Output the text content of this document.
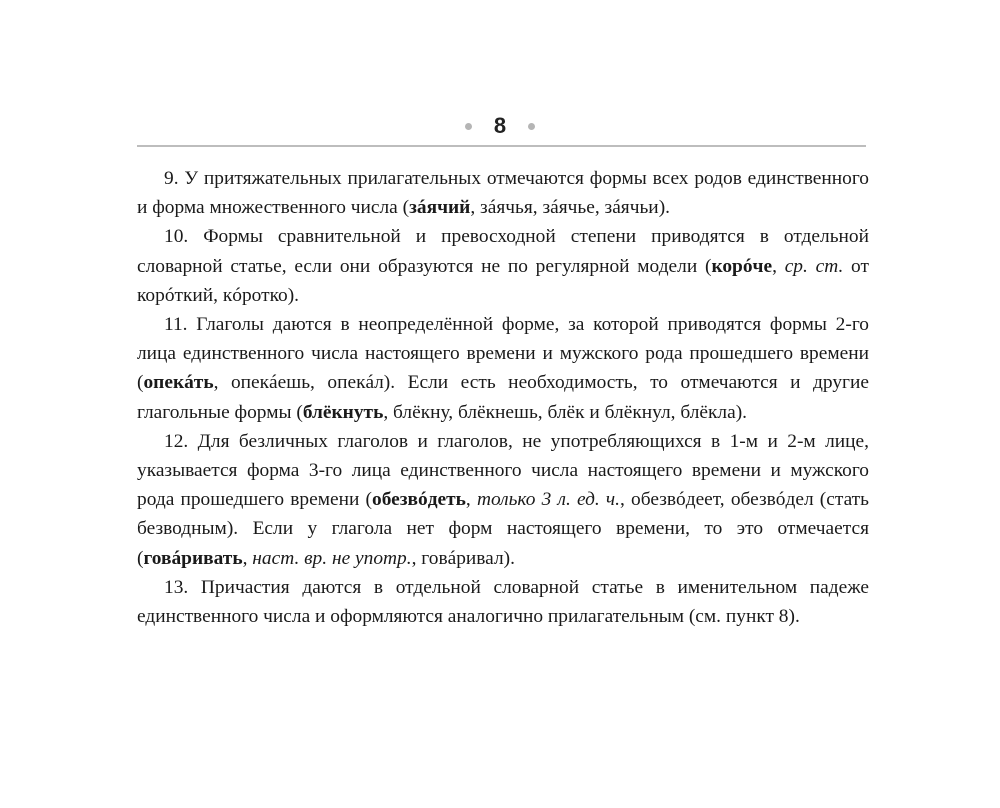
8

9. У притяжательных прилагательных отмечаются формы всех родов единственного и форма множественного числа (зáячий, зáячья, зáячье, зáячьи).

10. Формы сравнительной и превосходной степени приводятся в отдельной словарной статье, если они образуются не по регулярной модели (корóче, ср. ст. от корóткий, кóротко).

11. Глаголы даются в неопределённой форме, за которой приводятся формы 2-го лица единственного числа настоящего времени и мужского рода прошедшего времени (опекáть, опекáешь, опекáл). Если есть необходимость, то отмечаются и другие глагольные формы (блёкнуть, блёкну, блёкнешь, блёк и блёкнул, блёкла).

12. Для безличных глаголов и глаголов, не употребляющихся в 1-м и 2-м лице, указывается форма 3-го лица единственного числа настоящего времени и мужского рода прошедшего времени (обезвóдеть, только 3 л. ед. ч., обезвóдеет, обезвóдел (стать безводным). Если у глагола нет форм настоящего времени, то это отмечается (говáривать, наст. вр. не употр., говáривал).

13. Причастия даются в отдельной словарной статье в именительном падеже единственного числа и оформляются аналогично прилагательным (см. пункт 8).
